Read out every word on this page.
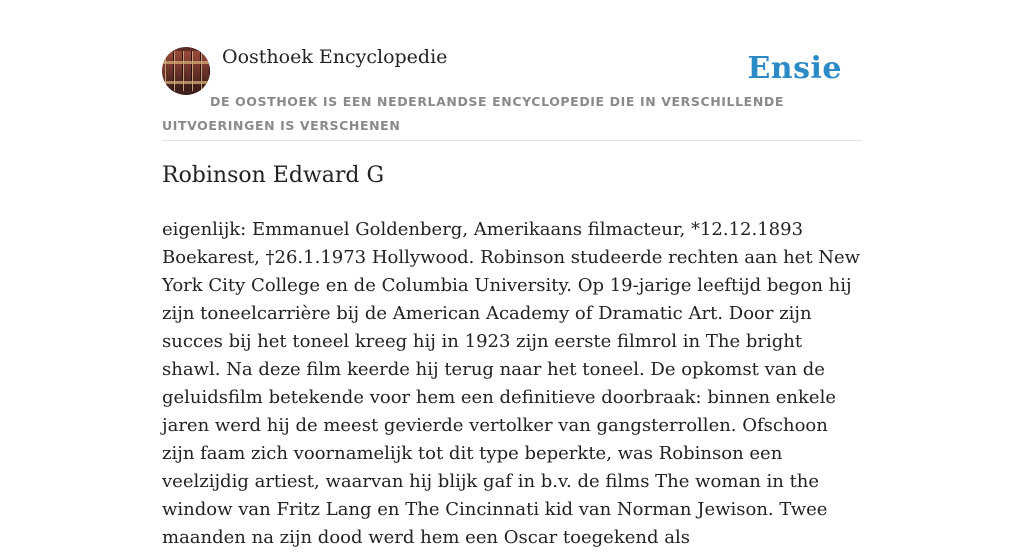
Oosthoek Encyclopedie	Ensie
DE OOSTHOEK IS EEN NEDERLANDSE ENCYCLOPEDIE DIE IN VERSCHILLENDE UITVOERINGEN IS VERSCHENEN
Robinson Edward G

eigenlijk: Emmanuel Goldenberg, Amerikaans filmacteur, *12.12.1893 Boekarest, †26.1.1973 Hollywood. Robinson studeerde rechten aan het New York City College en de Columbia University. Op 19-jarige leeftijd begon hij zijn toneelcarrière bij de American Academy of Dramatic Art. Door zijn succes bij het toneel kreeg hij in 1923 zijn eerste filmrol in The bright shawl. Na deze film keerde hij terug naar het toneel. De opkomst van de geluidsfilm betekende voor hem een definitieve doorbraak: binnen enkele jaren werd hij de meest gevierde vertolker van gangsterrollen. Ofschoon zijn faam zich voornamelijk tot dit type beperkte, was Robinson een veelzijdig artiest, waarvan hij blijk gaf in b.v. de films The woman in the window van Fritz Lang en The Cincinnati kid van Norman Jewison. Twee maanden na zijn dood werd hem een Oscar toegekend als
